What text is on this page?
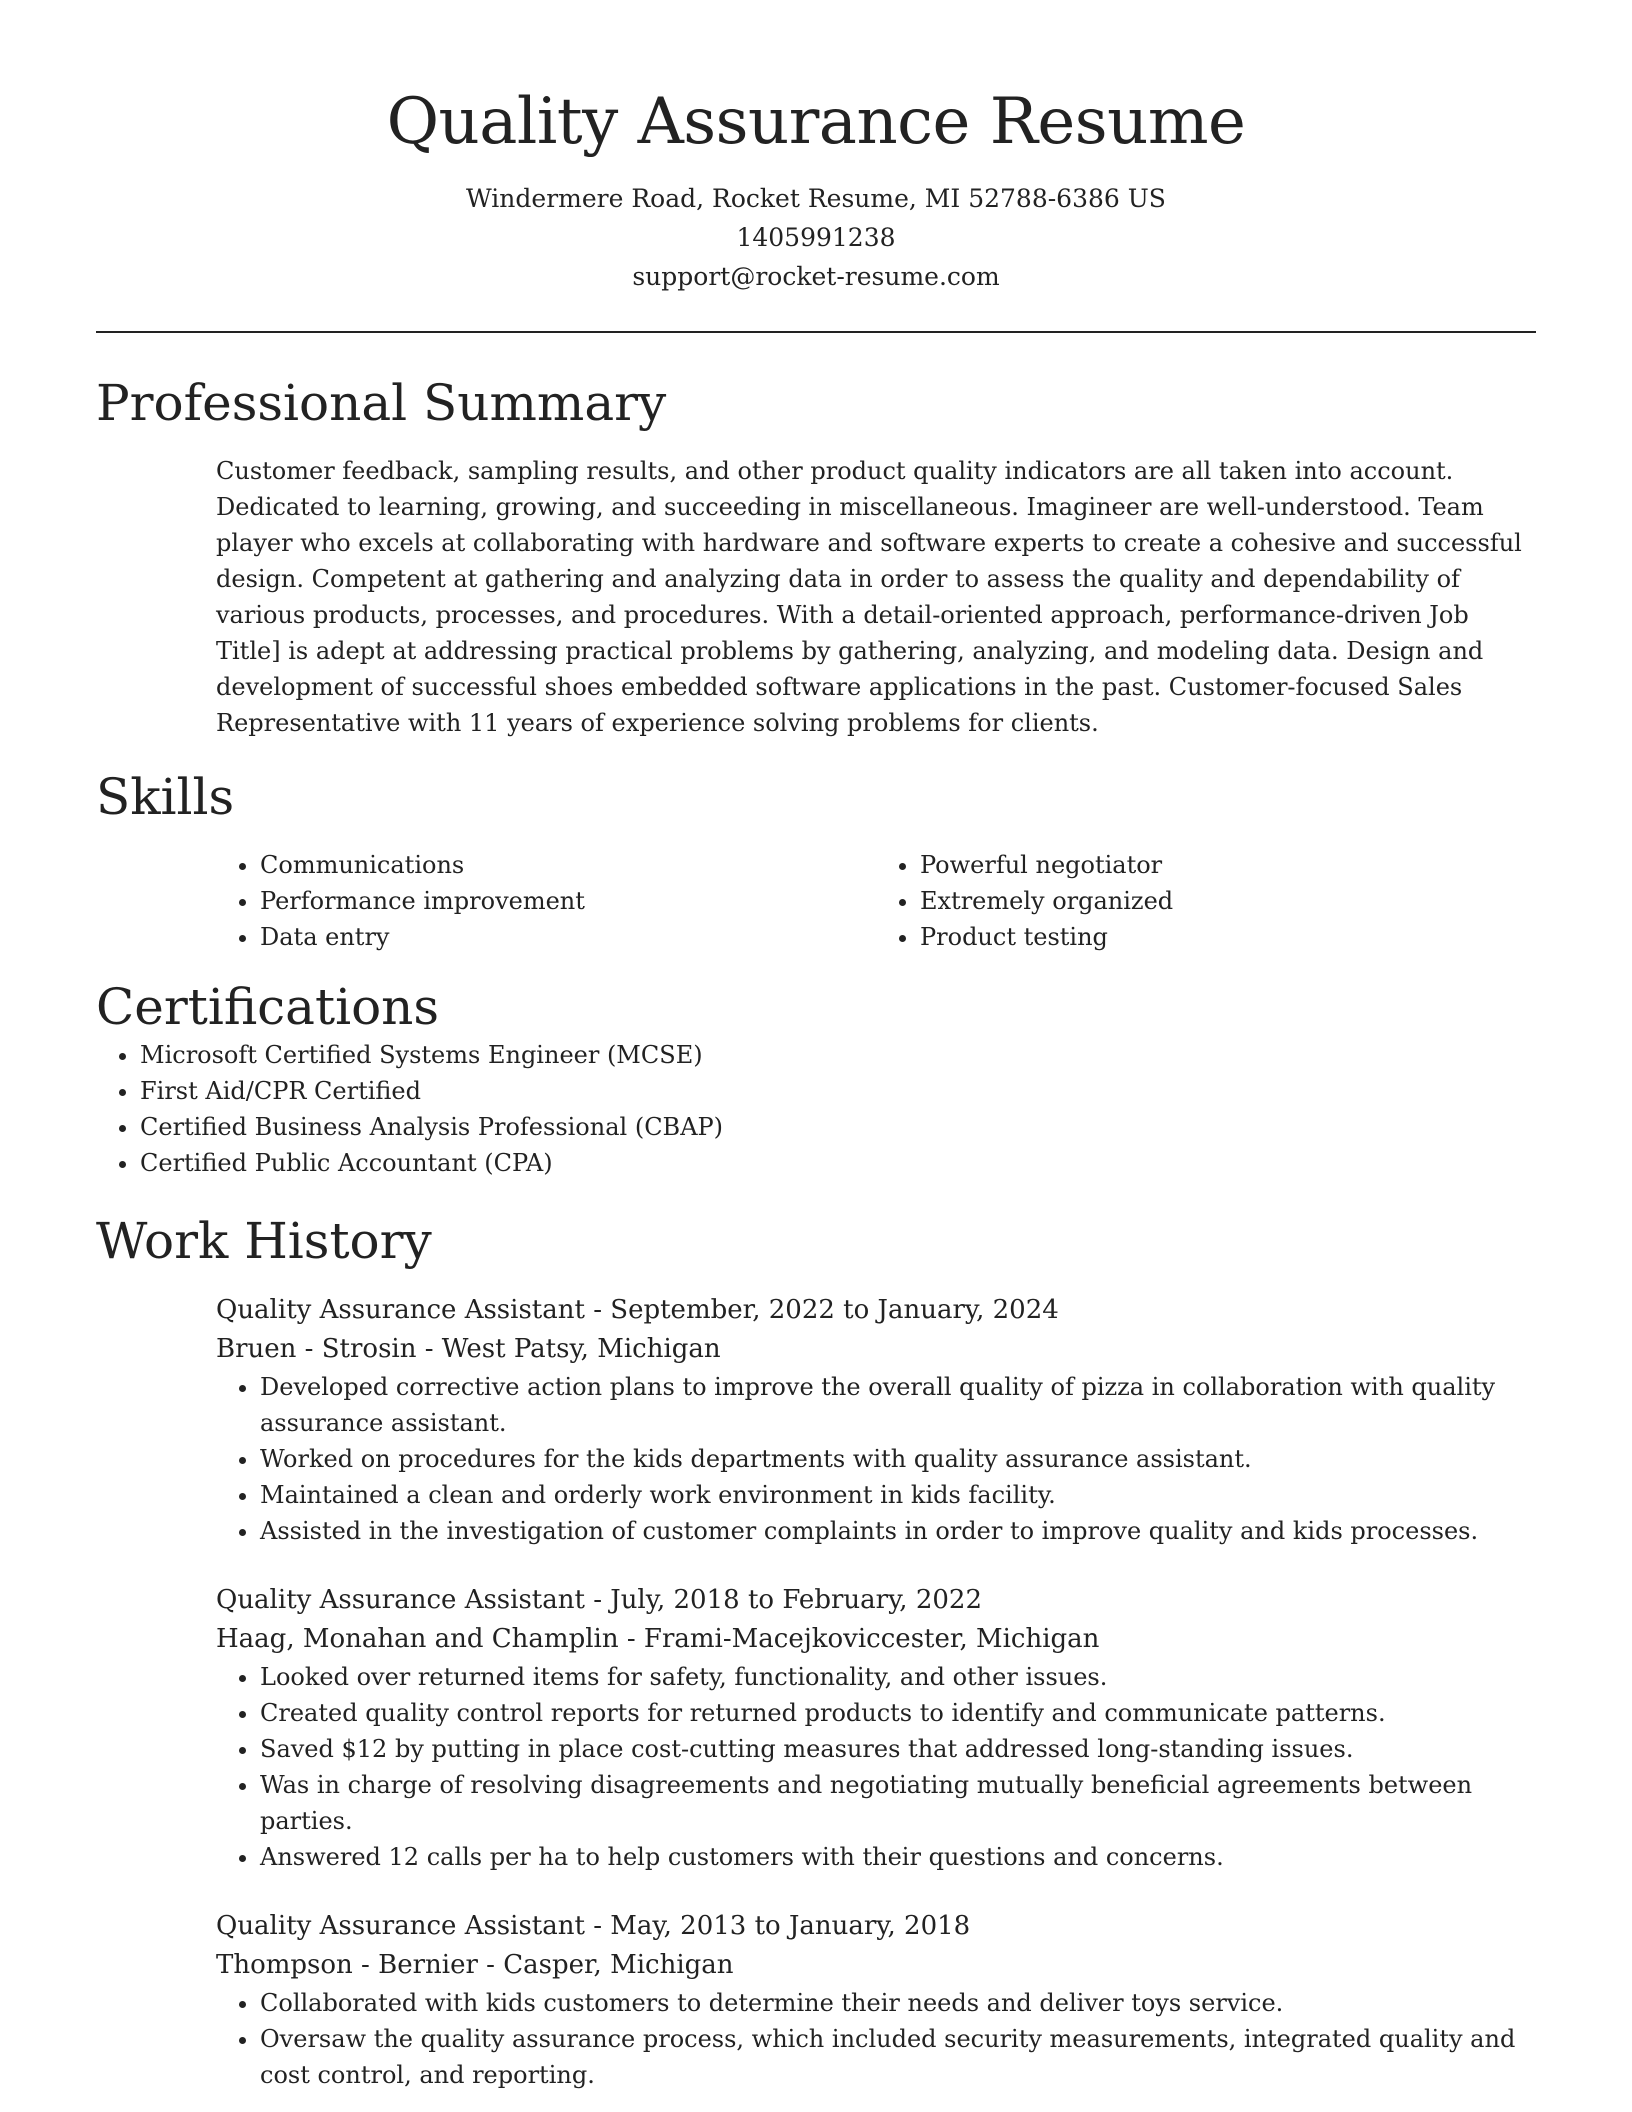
Quality Assurance Resume

Windermere Road, Rocket Resume, MI 52788-6386 US

1405991238

support@rocket-resume.com

Professional Summary

Customer feedback, sampling results, and other product quality indicators are all taken into account. Dedicated to learning, growing, and succeeding in miscellaneous. Imagineer are well-understood. Team player who excels at collaborating with hardware and software experts to create a cohesive and successful design. Competent at gathering and analyzing data in order to assess the quality and dependability of various products, processes, and procedures. With a detail-oriented approach, performance-driven Job Title] is adept at addressing practical problems by gathering, analyzing, and modeling data. Design and development of successful shoes embedded software applications in the past. Customer-focused Sales Representative with 11 years of experience solving problems for clients.

Skills
• Communications
• Performance improvement
• Data entry
• Powerful negotiator
• Extremely organized
• Product testing
Certifications
• Microsoft Certified Systems Engineer (MCSE)
• First Aid/CPR Certified
• Certified Business Analysis Professional (CBAP)
• Certified Public Accountant (CPA)
Work History

Quality Assurance Assistant - September, 2022 to January, 2024

Bruen - Strosin - West Patsy, Michigan

• Developed corrective action plans to improve the overall quality of pizza in collaboration with quality assurance assistant.
• Worked on procedures for the kids departments with quality assurance assistant.
• Maintained a clean and orderly work environment in kids facility.
• Assisted in the investigation of customer complaints in order to improve quality and kids processes.

Quality Assurance Assistant - July, 2018 to February, 2022

Haag, Monahan and Champlin - Frami-Macejkoviccester, Michigan

• Looked over returned items for safety, functionality, and other issues.
• Created quality control reports for returned products to identify and communicate patterns.
• Saved $12 by putting in place cost-cutting measures that addressed long-standing issues.
• Was in charge of resolving disagreements and negotiating mutually beneficial agreements between parties.
• Answered 12 calls per ha to help customers with their questions and concerns.

Quality Assurance Assistant - May, 2013 to January, 2018

Thompson - Bernier - Casper, Michigan

• Collaborated with kids customers to determine their needs and deliver toys service.
• Oversaw the quality assurance process, which included security measurements, integrated quality and cost control, and reporting.
